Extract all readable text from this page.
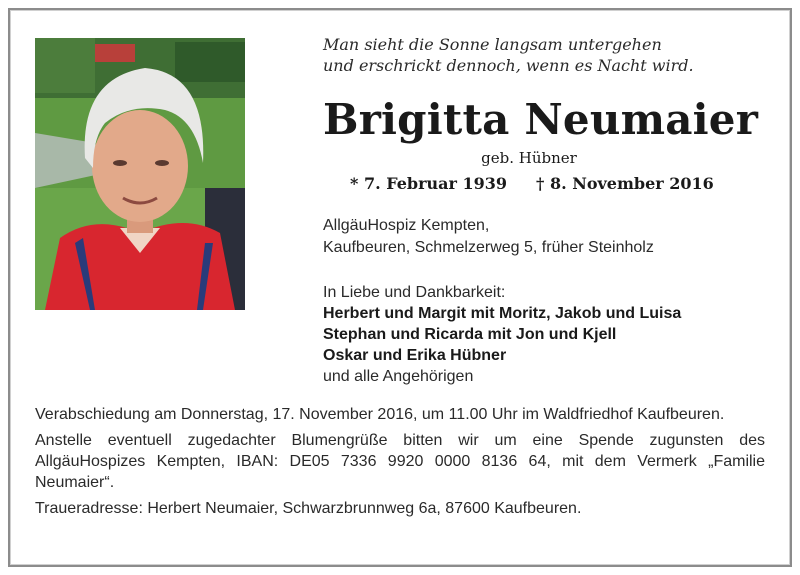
Man sieht die Sonne langsam untergehen
und erschrickt dennoch, wenn es Nacht wird.
Brigitta Neumaier
geb. Hübner
* 7. Februar 1939 † 8. November 2016
AllgäuHospiz Kempten,
Kaufbeuren, Schmelzerweg 5, früher Steinholz
In Liebe und Dankbarkeit:
Herbert und Margit mit Moritz, Jakob und Luisa
Stephan und Ricarda mit Jon und Kjell
Oskar und Erika Hübner
und alle Angehörigen

Verabschiedung am Donnerstag, 17. November 2016, um 11.00 Uhr im Waldfriedhof Kaufbeuren.

Anstelle eventuell zugedachter Blumengrüße bitten wir um eine Spende zugunsten des AllgäuHospizes Kempten, IBAN: DE05 7336 9920 0000 8136 64, mit dem Vermerk „Familie Neumaier“.

Traueradresse: Herbert Neumaier, Schwarzbrunnweg 6a, 87600 Kaufbeuren.
